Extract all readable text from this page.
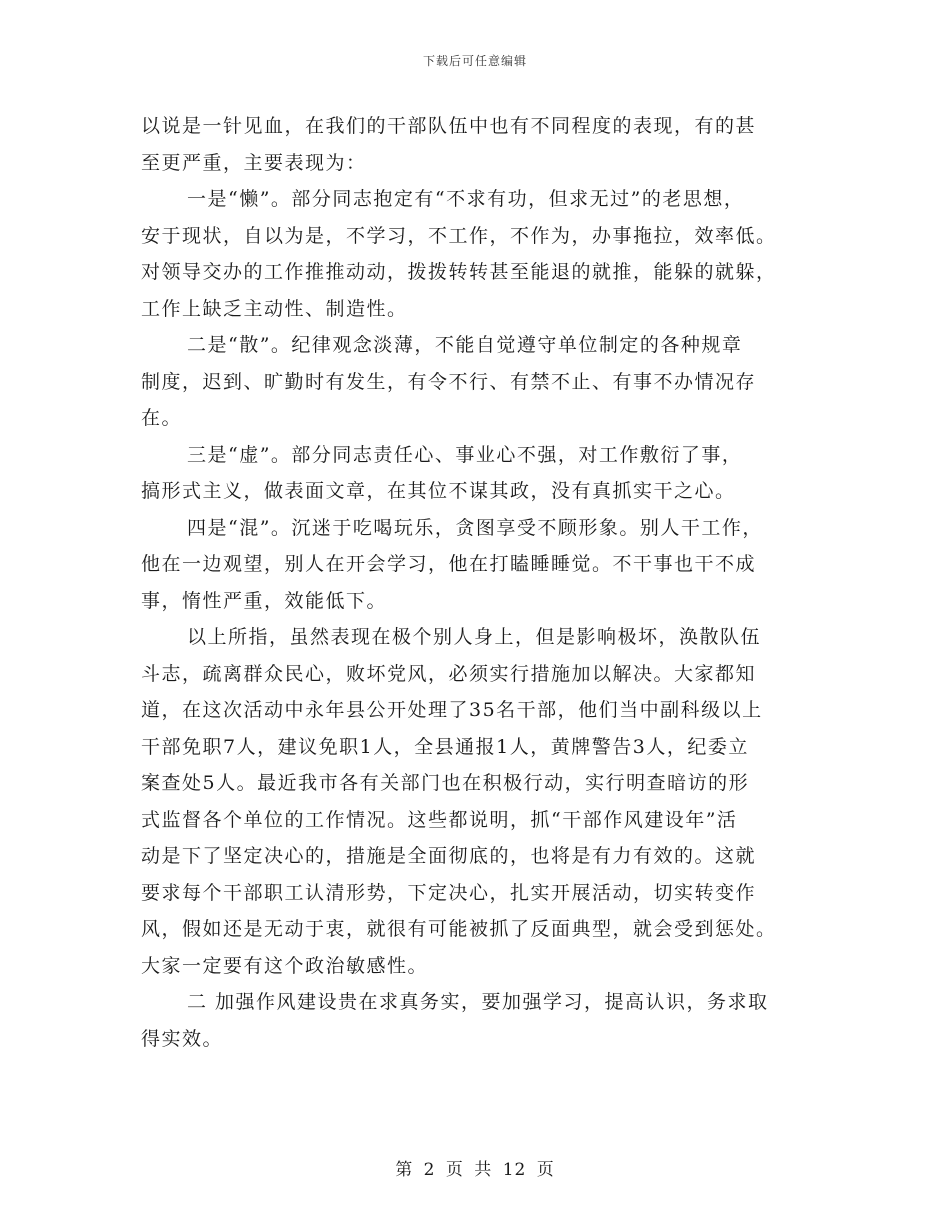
下载后可任意编辑
以说是一针见血，在我们的干部队伍中也有不同程度的表现，有的甚
至更严重，主要表现为：
一是“懒”。部分同志抱定有“不求有功，但求无过”的老思想，
安于现状，自以为是，不学习，不工作，不作为，办事拖拉，效率低。
对领导交办的工作推推动动，拨拨转转甚至能退的就推，能躲的就躲，
工作上缺乏主动性、制造性。
二是“散”。纪律观念淡薄，不能自觉遵守单位制定的各种规章
制度，迟到、旷勤时有发生，有令不行、有禁不止、有事不办情况存
在。
三是“虚”。部分同志责任心、事业心不强，对工作敷衍了事，
搞形式主义，做表面文章，在其位不谋其政，没有真抓实干之心。
四是“混”。沉迷于吃喝玩乐，贪图享受不顾形象。别人干工作，
他在一边观望，别人在开会学习，他在打瞌睡睡觉。不干事也干不成
事，惰性严重，效能低下。
以上所指，虽然表现在极个别人身上，但是影响极坏，涣散队伍
斗志，疏离群众民心，败坏党风，必须实行措施加以解决。大家都知
道，在这次活动中永年县公开处理了35名干部，他们当中副科级以上
干部免职7人，建议免职1人，全县通报1人，黄牌警告3人，纪委立
案查处5人。最近我市各有关部门也在积极行动，实行明查暗访的形
式监督各个单位的工作情况。这些都说明，抓“干部作风建设年”活
动是下了坚定决心的，措施是全面彻底的，也将是有力有效的。这就
要求每个干部职工认清形势，下定决心，扎实开展活动，切实转变作
风，假如还是无动于衷，就很有可能被抓了反面典型，就会受到惩处。
大家一定要有这个政治敏感性。
二 加强作风建设贵在求真务实，要加强学习，提高认识，务求取
得实效。
第 2 页 共 12 页
